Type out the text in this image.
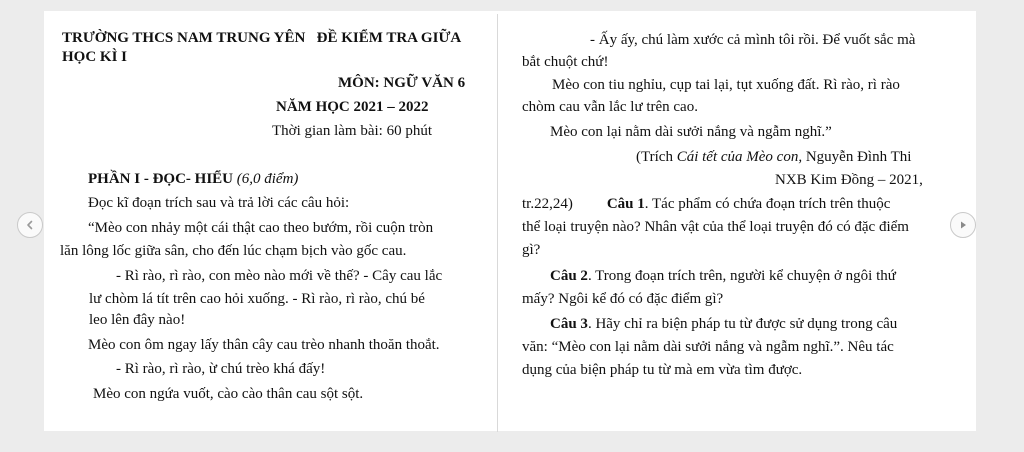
TRƯỜNG THCS NAM TRUNG YÊN ĐỀ KIỂM TRA GIỮA
HỌC KÌ I
MÔN: NGỮ VĂN 6
NĂM HỌC 2021 – 2022
Thời gian làm bài: 60 phút
PHẦN I - ĐỌC- HIỂU (6,0 điểm)
Đọc kĩ đoạn trích sau và trả lời các câu hỏi:
“Mèo con nhảy một cái thật cao theo bướm, rồi cuộn tròn
lăn lông lốc giữa sân, cho đến lúc chạm bịch vào gốc cau.
- Rì rào, rì rào, con mèo nào mới về thế? - Cây cau lắc
lư chòm lá tít trên cao hỏi xuống. - Rì rào, rì rào, chú bé
leo lên đây nào!
Mèo con ôm ngay lấy thân cây cau trèo nhanh thoăn thoắt.
- Rì rào, rì rào, ừ chú trèo khá đấy!
Mèo con ngứa vuốt, cào cào thân cau sột sột.
- Ấy ấy, chú làm xước cả mình tôi rồi. Để vuốt sắc mà
bắt chuột chứ!
Mèo con tiu nghỉu, cụp tai lại, tụt xuống đất. Rì rào, rì rào
chòm cau vẫn lắc lư trên cao.
Mèo con lại nằm dài sưởi nắng và ngẫm nghĩ.”
(Trích Cái tết của Mèo con, Nguyễn Đình Thi
NXB Kim Đồng – 2021,
tr.22,24) Câu 1. Tác phẩm có chứa đoạn trích trên thuộc
thể loại truyện nào? Nhân vật của thể loại truyện đó có đặc điểm
gì?
Câu 2. Trong đoạn trích trên, người kể chuyện ở ngôi thứ
mấy? Ngôi kể đó có đặc điểm gì?
Câu 3. Hãy chỉ ra biện pháp tu từ được sử dụng trong câu
văn: “Mèo con lại nằm dài sưởi nắng và ngẫm nghĩ.”. Nêu tác
dụng của biện pháp tu từ mà em vừa tìm được.
